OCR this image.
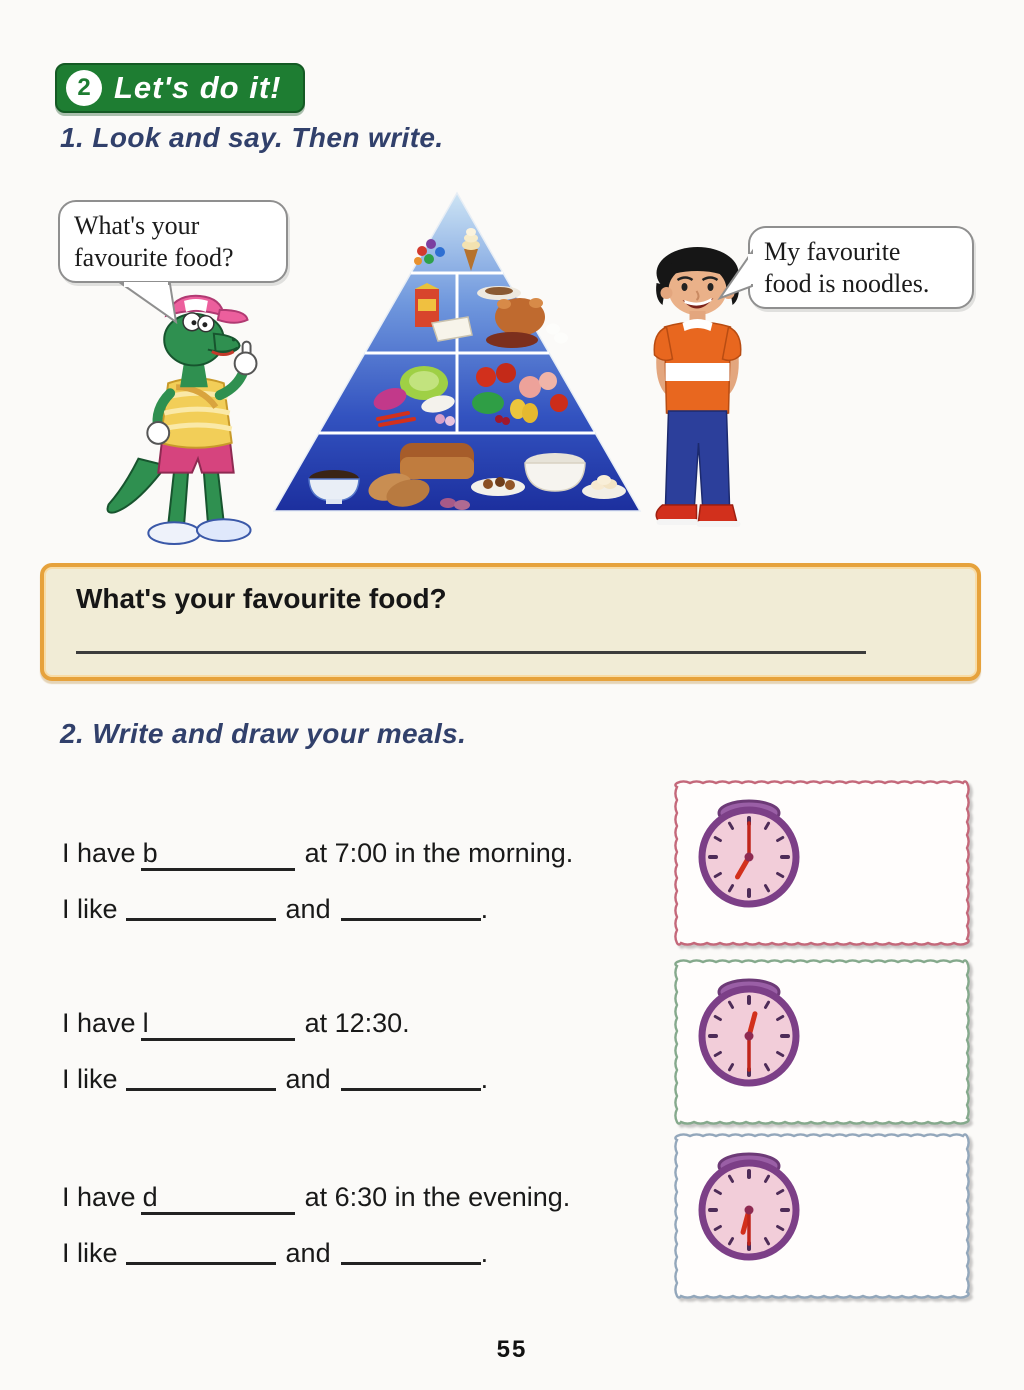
2 Let's do it!
1. Look and say. Then write.
What's your
favourite food?	My favourite
food is noodles.
What's your favourite food?
2. Write and draw your meals.
I have b	at 7:00 in the morning.
I like	and	.
I have l	at 12:30.
I like	and	.
I have d	at 6:30 in the evening.
I like	and	.
55
